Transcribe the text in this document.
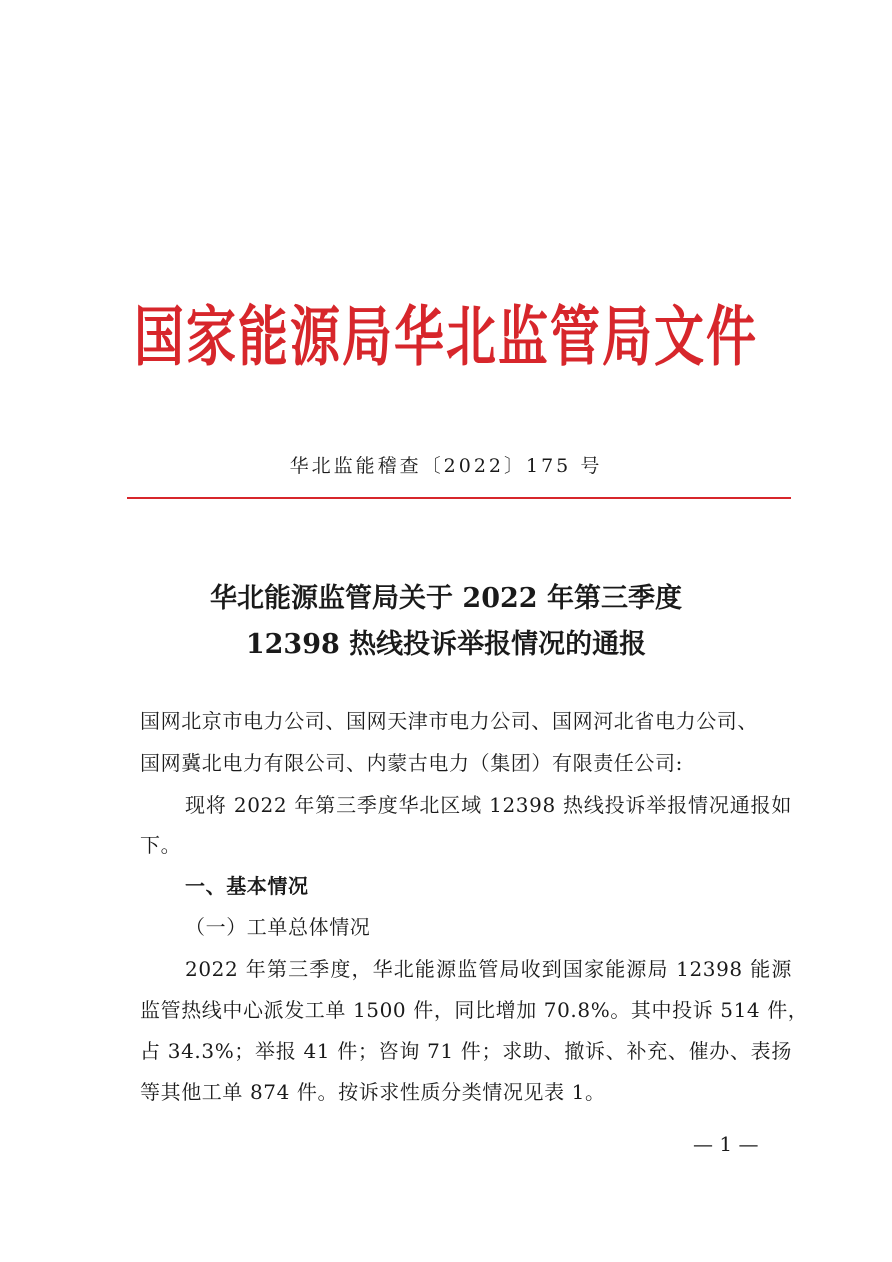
国家能源局华北监管局文件
华北监能稽查〔2022〕175 号
华北能源监管局关于 2022 年第三季度
12398 热线投诉举报情况的通报
国网北京市电力公司、国网天津市电力公司、国网河北省电力公司、
国网冀北电力有限公司、内蒙古电力（集团）有限责任公司:
现将 2022 年第三季度华北区域 12398 热线投诉举报情况通报如
下。
一、基本情况
（一）工单总体情况
2022 年第三季度，华北能源监管局收到国家能源局 12398 能源
监管热线中心派发工单 1500 件，同比增加 70.8%。其中投诉 514 件，
占 34.3%；举报 41 件；咨询 71 件；求助、撤诉、补充、催办、表扬
等其他工单 874 件。按诉求性质分类情况见表 1。
— 1 —
